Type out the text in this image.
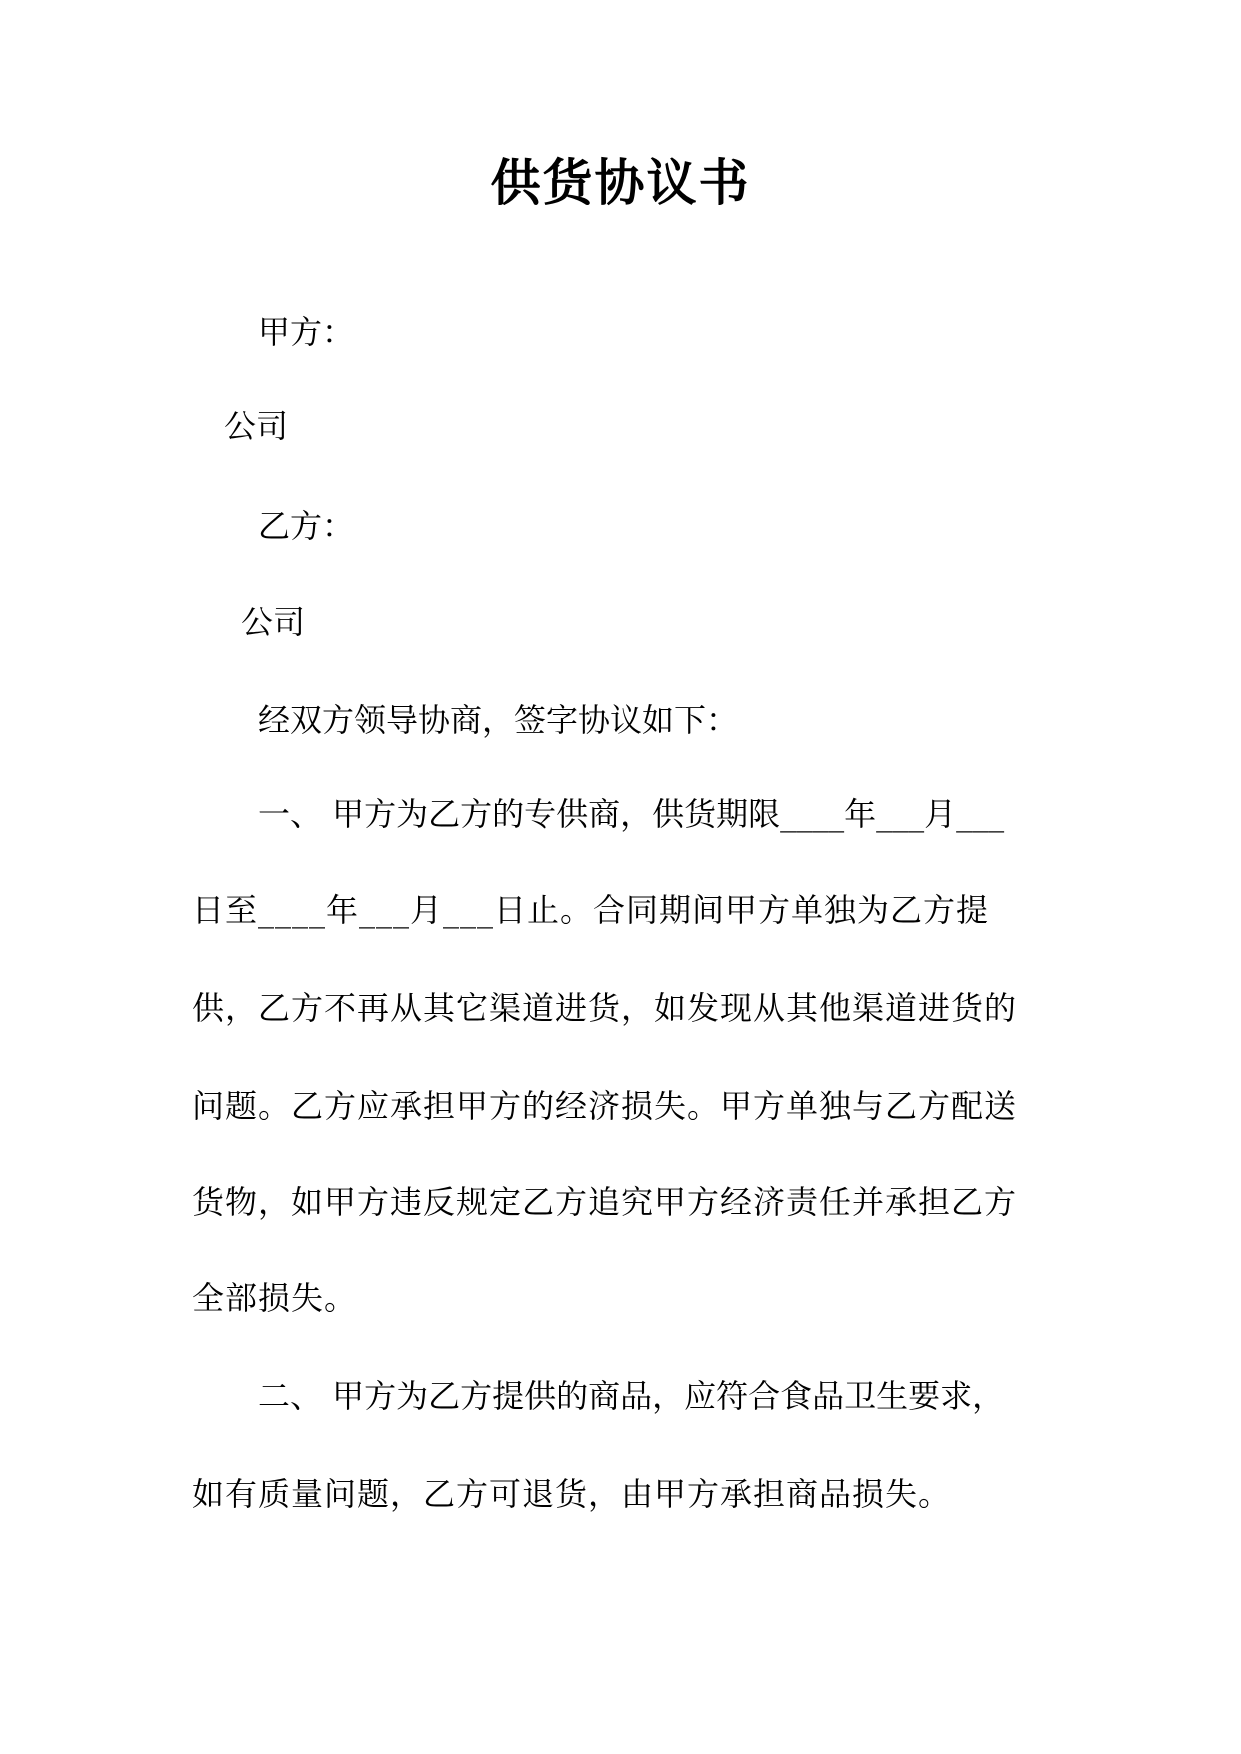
供货协议书
甲方：
公司
乙方：
公司
经双方领导协商，签字协议如下：
一、 甲方为乙方的专供商，供货期限____年___月___
日至____年___月___日止。合同期间甲方单独为乙方提
供，乙方不再从其它渠道进货，如发现从其他渠道进货的
问题。乙方应承担甲方的经济损失。甲方单独与乙方配送
货物，如甲方违反规定乙方追究甲方经济责任并承担乙方
全部损失。
二、 甲方为乙方提供的商品，应符合食品卫生要求，
如有质量问题，乙方可退货，由甲方承担商品损失。
